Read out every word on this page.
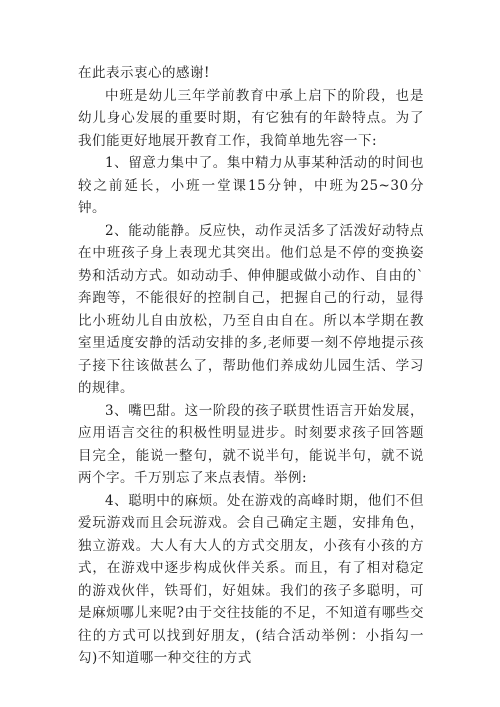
在此表示衷心的感谢!

中班是幼儿三年学前教育中承上启下的阶段，也是幼儿身心发展的重要时期，有它独有的年龄特点。为了我们能更好地展开教育工作，我简单地先容一下:

1、留意力集中了。集中精力从事某种活动的时间也较之前延长，小班一堂课15分钟，中班为25~30分钟。

2、能动能静。反应快，动作灵活多了活泼好动特点在中班孩子身上表现尤其突出。他们总是不停的变换姿势和活动方式。如动动手、伸伸腿或做小动作、自由的`奔跑等，不能很好的控制自己，把握自己的行动，显得比小班幼儿自由放松，乃至自由自在。所以本学期在教室里适度安静的活动安排的多,老师要一刻不停地提示孩子接下往该做甚么了，帮助他们养成幼儿园生活、学习的规律。

3、嘴巴甜。这一阶段的孩子联贯性语言开始发展，应用语言交往的积极性明显进步。时刻要求孩子回答题目完全，能说一整句，就不说半句，能说半句，就不说两个字。千万别忘了来点表情。举例:

4、聪明中的麻烦。处在游戏的高峰时期，他们不但爱玩游戏而且会玩游戏。会自己确定主题，安排角色，独立游戏。大人有大人的方式交朋友，小孩有小孩的方式，在游戏中逐步构成伙伴关系。而且，有了相对稳定的游戏伙伴，铁哥们，好姐妹。我们的孩子多聪明，可是麻烦哪儿来呢?由于交往技能的不足，不知道有哪些交往的方式可以找到好朋友，(结合活动举例：小指勾一勾)不知道哪一种交往的方式
